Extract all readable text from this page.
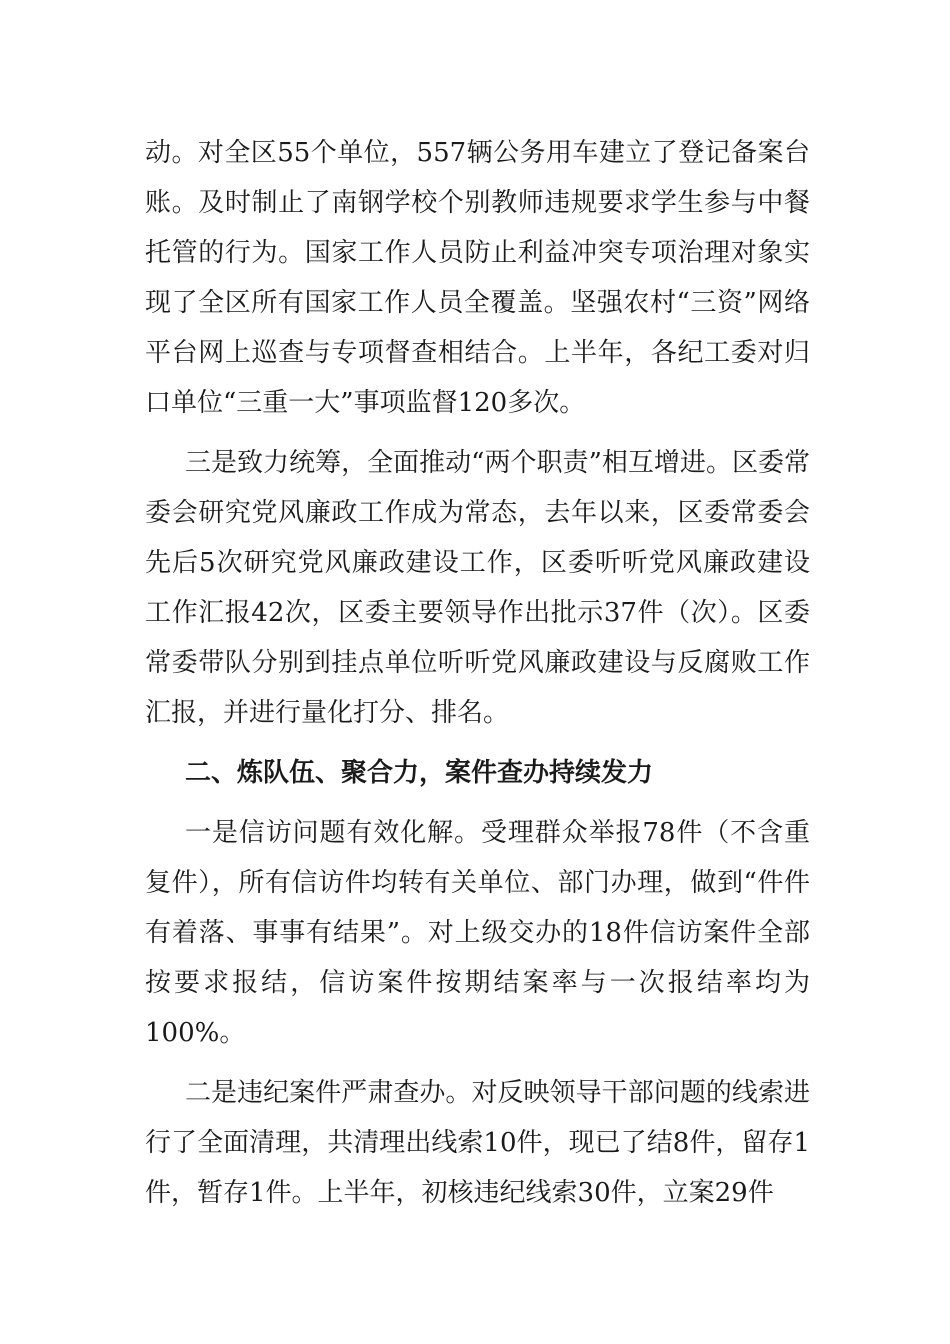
动。对全区55个单位，557辆公务用车建立了登记备案台账。及时制止了南钢学校个别教师违规要求学生参与中餐托管的行为。国家工作人员防止利益冲突专项治理对象实现了全区所有国家工作人员全覆盖。坚强农村“三资”网络平台网上巡查与专项督查相结合。上半年，各纪工委对归口单位“三重一大”事项监督120多次。

三是致力统筹，全面推动“两个职责”相互增进。区委常委会研究党风廉政工作成为常态，去年以来，区委常委会先后5次研究党风廉政建设工作，区委听听党风廉政建设工作汇报42次，区委主要领导作出批示37件（次）。区委常委带队分别到挂点单位听听党风廉政建设与反腐败工作汇报，并进行量化打分、排名。

二、炼队伍、聚合力，案件查办持续发力

一是信访问题有效化解。受理群众举报78件（不含重复件），所有信访件均转有关单位、部门办理，做到“件件有着落、事事有结果”。对上级交办的18件信访案件全部按要求报结，信访案件按期结案率与一次报结率均为100%。

二是违纪案件严肃查办。对反映领导干部问题的线索进行了全面清理，共清理出线索10件，现已了结8件，留存1件，暂存1件。上半年，初核违纪线索30件，立案29件
